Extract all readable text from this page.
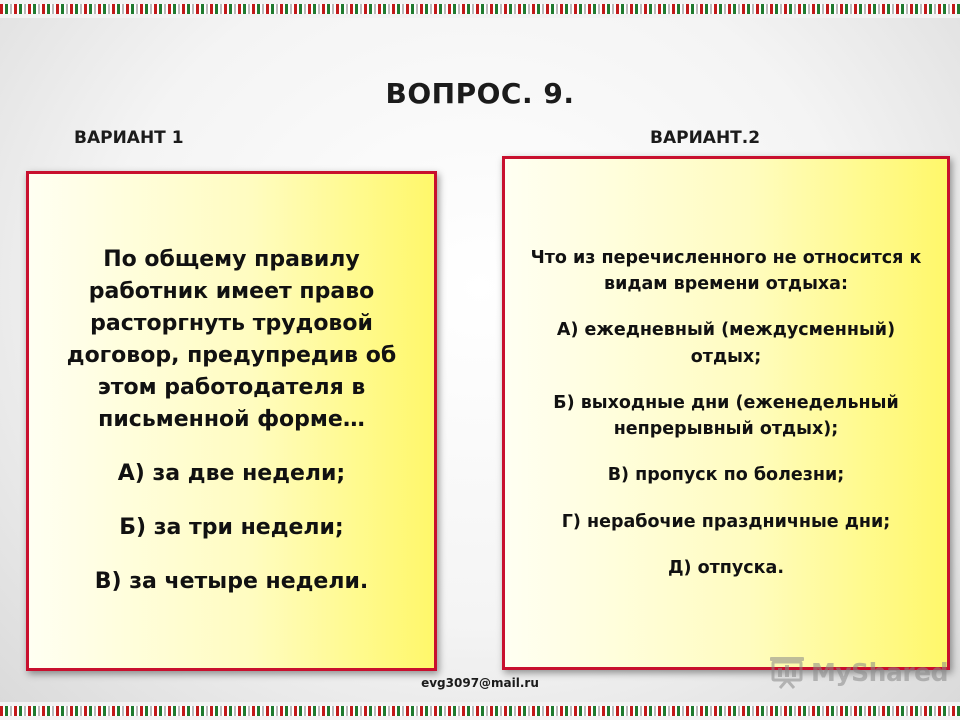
ВОПРОС. 9.
ВАРИАНТ 1	ВАРИАНТ.2

По общему правилу работник имеет право расторгнуть трудовой договор, предупредив об этом работодателя в письменной форме…

А) за две недели;

Б) за три недели;

В) за четыре недели.

Что из перечисленного не относится к видам времени отдыха:

А) ежедневный (междусменный) отдых;

Б) выходные дни (еженедельный непрерывный отдых);

В) пропуск по болезни;

Г) нерабочие праздничные дни;

Д) отпуска.

evg3097@mail.ru	MyShared
